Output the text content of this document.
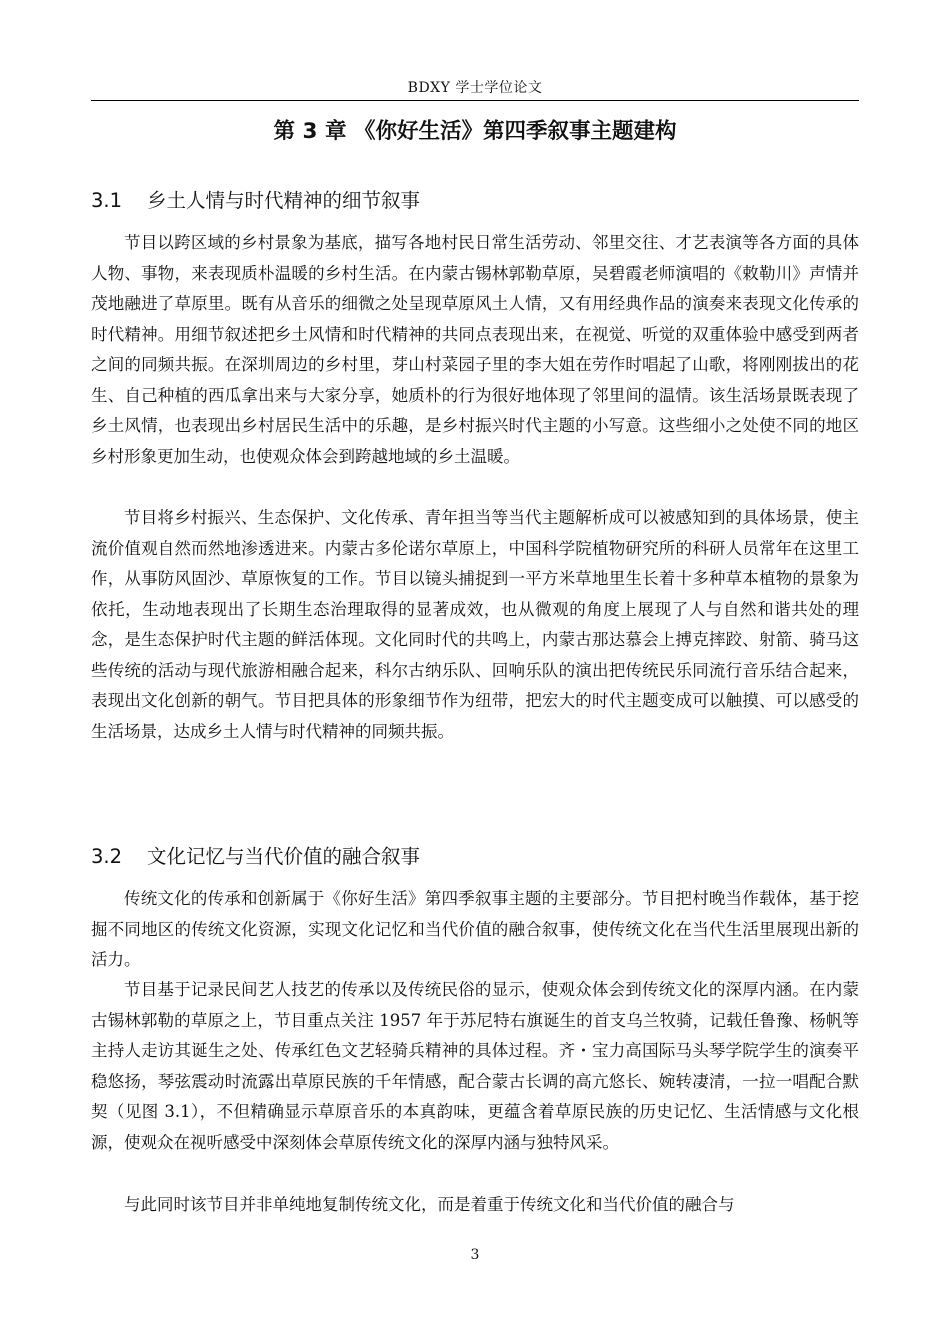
BDXY 学士学位论文
第 3 章 《你好生活》第四季叙事主题建构
3.1 乡土人情与时代精神的细节叙事

节目以跨区域的乡村景象为基底，描写各地村民日常生活劳动、邻里交往、才艺表演等各方面的具体人物、事物，来表现质朴温暖的乡村生活。在内蒙古锡林郭勒草原，吴碧霞老师演唱的《敕勒川》声情并茂地融进了草原里。既有从音乐的细微之处呈现草原风土人情，又有用经典作品的演奏来表现文化传承的时代精神。用细节叙述把乡土风情和时代精神的共同点表现出来，在视觉、听觉的双重体验中感受到两者之间的同频共振。在深圳周边的乡村里，芽山村菜园子里的李大姐在劳作时唱起了山歌，将刚刚拔出的花生、自己种植的西瓜拿出来与大家分享，她质朴的行为很好地体现了邻里间的温情。该生活场景既表现了乡土风情，也表现出乡村居民生活中的乐趣，是乡村振兴时代主题的小写意。这些细小之处使不同的地区乡村形象更加生动，也使观众体会到跨越地域的乡土温暖。

节目将乡村振兴、生态保护、文化传承、青年担当等当代主题解析成可以被感知到的具体场景，使主流价值观自然而然地渗透进来。内蒙古多伦诺尔草原上，中国科学院植物研究所的科研人员常年在这里工作，从事防风固沙、草原恢复的工作。节目以镜头捕捉到一平方米草地里生长着十多种草本植物的景象为依托，生动地表现出了长期生态治理取得的显著成效，也从微观的角度上展现了人与自然和谐共处的理念，是生态保护时代主题的鲜活体现。文化同时代的共鸣上，内蒙古那达慕会上搏克摔跤、射箭、骑马这些传统的活动与现代旅游相融合起来，科尔古纳乐队、回响乐队的演出把传统民乐同流行音乐结合起来，表现出文化创新的朝气。节目把具体的形象细节作为纽带，把宏大的时代主题变成可以触摸、可以感受的生活场景，达成乡土人情与时代精神的同频共振。

3.2 文化记忆与当代价值的融合叙事

传统文化的传承和创新属于《你好生活》第四季叙事主题的主要部分。节目把村晚当作载体，基于挖掘不同地区的传统文化资源，实现文化记忆和当代价值的融合叙事，使传统文化在当代生活里展现出新的活力。

节目基于记录民间艺人技艺的传承以及传统民俗的显示，使观众体会到传统文化的深厚内涵。在内蒙古锡林郭勒的草原之上，节目重点关注 1957 年于苏尼特右旗诞生的首支乌兰牧骑，记载任鲁豫、杨帆等主持人走访其诞生之处、传承红色文艺轻骑兵精神的具体过程。齐・宝力高国际马头琴学院学生的演奏平稳悠扬，琴弦震动时流露出草原民族的千年情感，配合蒙古长调的高亢悠长、婉转凄清，一拉一唱配合默契（见图 3.1），不但精确显示草原音乐的本真韵味，更蕴含着草原民族的历史记忆、生活情感与文化根源，使观众在视听感受中深刻体会草原传统文化的深厚内涵与独特风采。

与此同时该节目并非单纯地复制传统文化，而是着重于传统文化和当代价值的融合与

3
